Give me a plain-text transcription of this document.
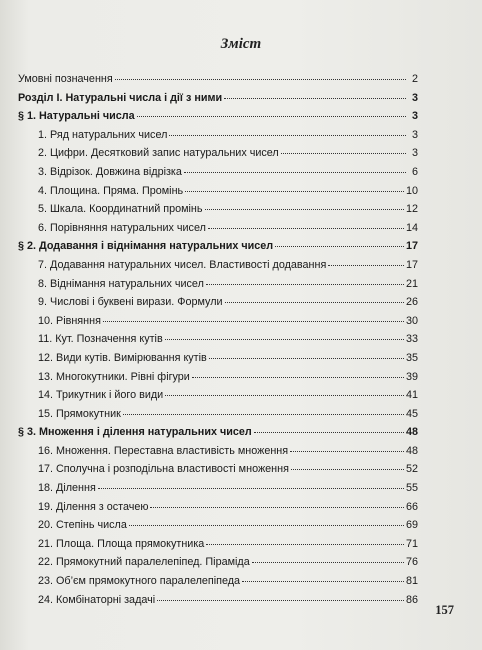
Зміст
Умовні позначення	2
Розділ І. Натуральні числа і дії з ними	3
§ 1. Натуральні числа	3
1. Ряд натуральних чисел	3
2. Цифри. Десятковий запис натуральних чисел	3
3. Відрізок. Довжина відрізка	6
4. Площина. Пряма. Промінь	10
5. Шкала. Координатний промінь	12
6. Порівняння натуральних чисел	14
§ 2. Додавання і віднімання натуральних чисел	17
7. Додавання натуральних чисел. Властивості додавання	17
8. Віднімання натуральних чисел	21
9. Числові і буквені вирази. Формули	26
10. Рівняння	30
11. Кут. Позначення кутів	33
12. Види кутів. Вимірювання кутів	35
13. Многокутники. Рівні фігури	39
14. Трикутник і його види	41
15. Прямокутник	45
§ 3. Множення і ділення натуральних чисел	48
16. Множення. Переставна властивість множення	48
17. Сполучна і розподільна властивості множення	52
18. Ділення	55
19. Ділення з остачею	66
20. Степінь числа	69
21. Площа. Площа прямокутника	71
22. Прямокутний паралелепіпед. Піраміда	76
23. Об’єм прямокутного паралелепіпеда	81
24. Комбінаторні задачі	86
157
